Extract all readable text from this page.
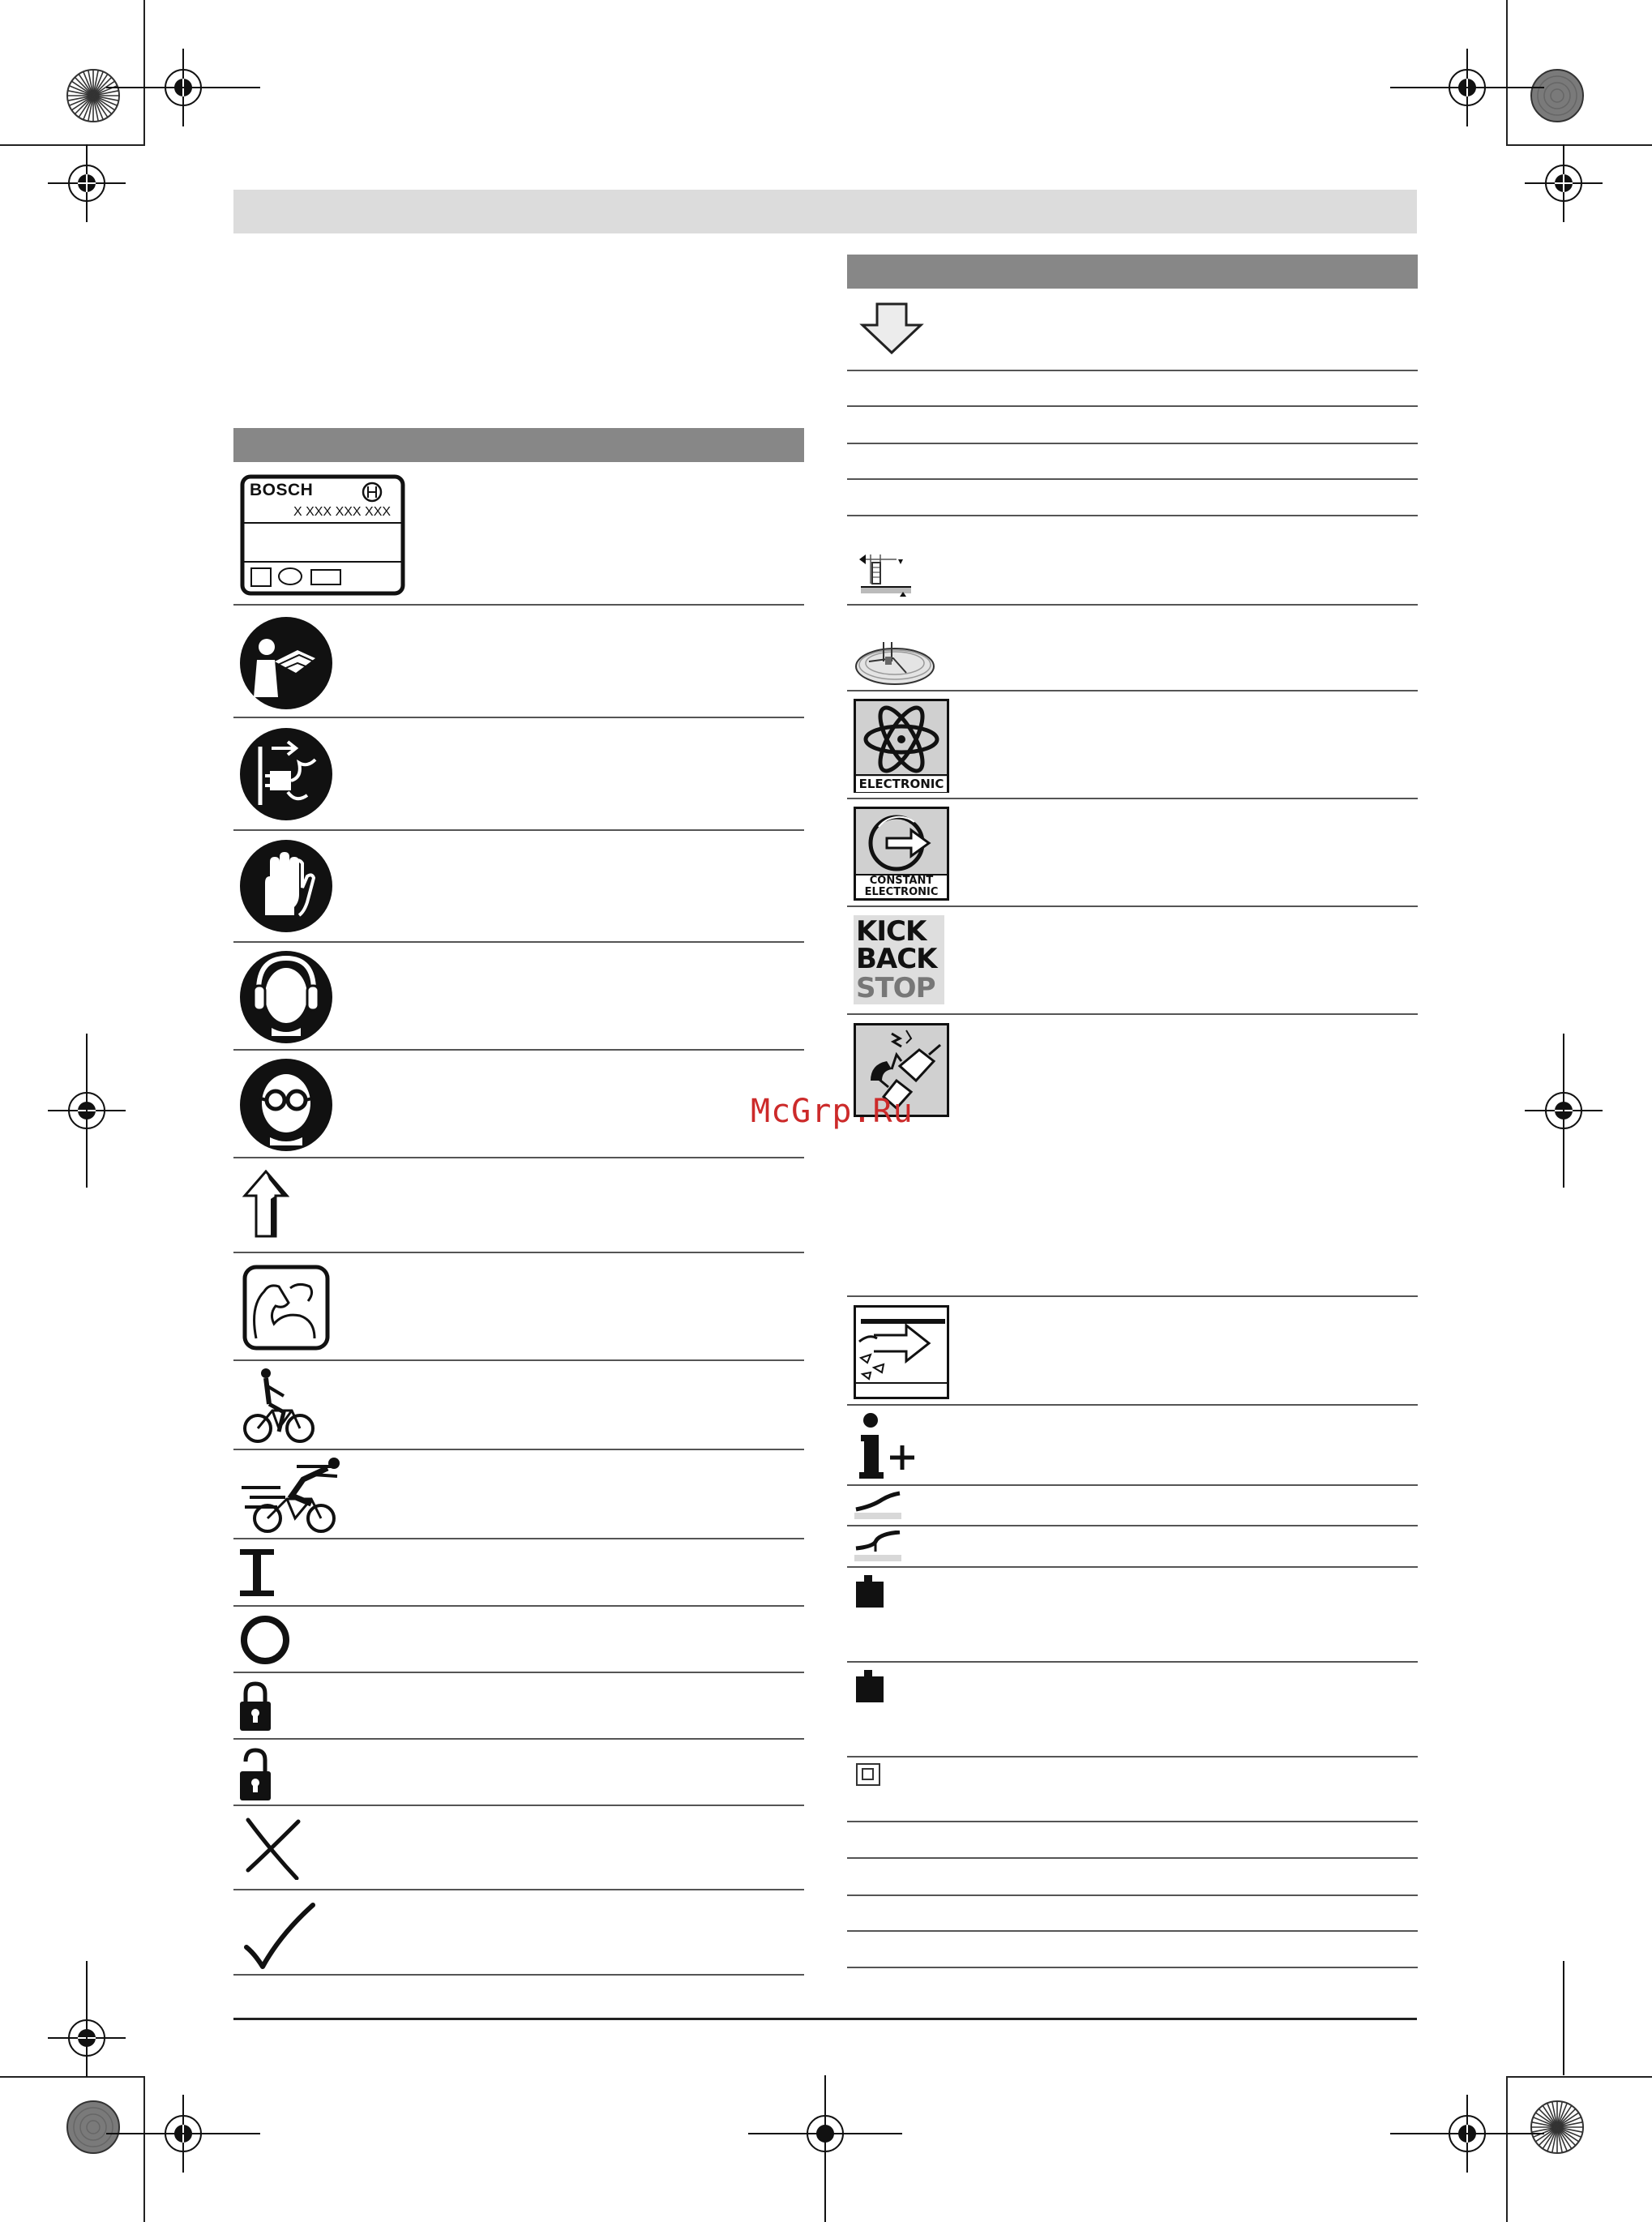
BOSCH
X XXX XXX XXX
ELECTRONIC
CONSTANT
ELECTRONIC
KICK
BACK
STOP
McGrp.Ru
